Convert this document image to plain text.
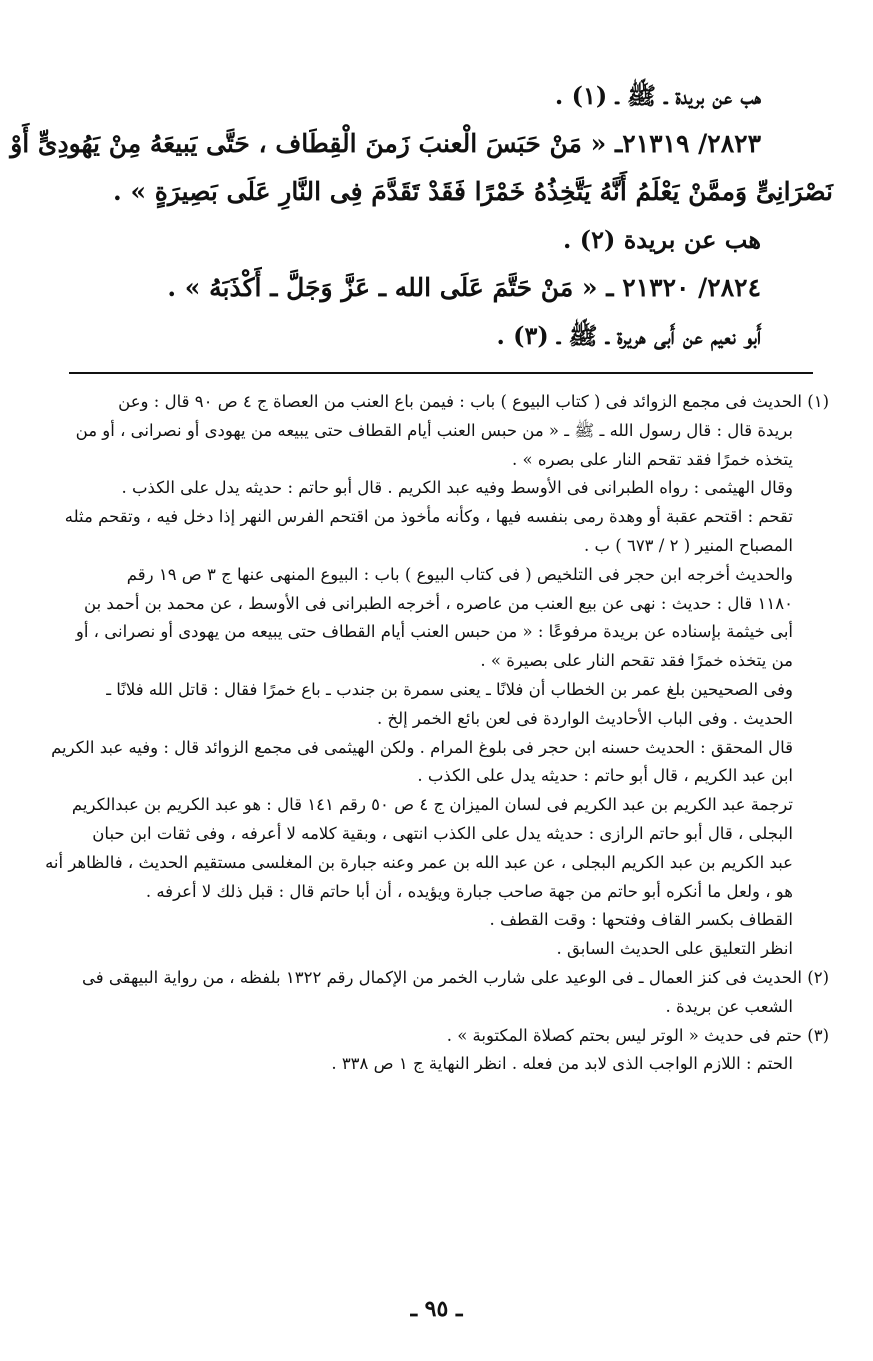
هب عن بريدة ـ ﷺ ـ (١) .
٢٨٢٣/ ٢١٣١٩ـ « مَنْ حَبَسَ الْعنبَ زَمنَ الْقِطَاف ، حَتَّى يَبيعَهُ مِنْ يَهُودِىٍّ أَوْ
نَصْرَانِىٍّ وَممَّنْ يَعْلَمُ أَنَّهُ يَتَّخِذُهُ خَمْرًا فَقَدْ تَقَدَّمَ فِى النَّارِ عَلَى بَصِيرَةٍ » .
هب عن بريدة (٢) .
٢٨٢٤/ ٢١٣٢٠ ـ « مَنْ حَتَّمَ عَلَى الله ـ عَزَّ وَجَلَّ ـ أَكْذَبَهُ » .
أَبو نعيم عن أَبى هريرة ـ ﷺ ـ (٣) .
(١) الحديث فى مجمع الزوائد فى ( كتاب البيوع ) باب : فيمن باع العنب من العصاة ج ٤ ص ٩٠ قال : وعن
بريدة قال : قال رسول الله ـ ﷺ ـ « من حبس العنب أيام القطاف حتى يبيعه من يهودى أو نصرانى ، أو من
يتخذه خمرًا فقد تقحم النار على بصره » .
وقال الهيثمى : رواه الطبرانى فى الأوسط وفيه عبد الكريم . قال أبو حاتم : حديثه يدل على الكذب .
تقحم : اقتحم عقبة أو وهدة رمى بنفسه فيها ، وكأنه مأخوذ من اقتحم الفرس النهر إذا دخل فيه ، وتقحم مثله
المصباح المنير ( ٢ / ٦٧٣ ) ب .
والحديث أخرجه ابن حجر فى التلخيص ( فى كتاب البيوع ) باب : البيوع المنهى عنها ج ٣ ص ١٩ رقم
١١٨٠ قال : حديث : نهى عن بيع العنب من عاصره ، أخرجه الطبرانى فى الأوسط ، عن محمد بن أحمد بن
أبى خيثمة بإسناده عن بريدة مرفوعًا : « من حبس العنب أيام القطاف حتى يبيعه من يهودى أو نصرانى ، أو
من يتخذه خمرًا فقد تقحم النار على بصيرة » .
وفى الصحيحين بلغ عمر بن الخطاب أن فلانًا ـ يعنى سمرة بن جندب ـ باع خمرًا فقال : قاتل الله فلانًا ـ
الحديث . وفى الباب الأحاديث الواردة فى لعن بائع الخمر إلخ .
قال المحقق : الحديث حسنه ابن حجر فى بلوغ المرام . ولكن الهيثمى فى مجمع الزوائد قال : وفيه عبد الكريم
ابن عبد الكريم ، قال أبو حاتم : حديثه يدل على الكذب .
ترجمة عبد الكريم بن عبد الكريم فى لسان الميزان ج ٤ ص ٥٠ رقم ١٤١ قال : هو عبد الكريم بن عبدالكريم
البجلى ، قال أبو حاتم الرازى : حديثه يدل على الكذب انتهى ، وبقية كلامه لا أعرفه ، وفى ثقات ابن حبان
عبد الكريم بن عبد الكريم البجلى ، عن عبد الله بن عمر وعنه جبارة بن المغلسى مستقيم الحديث ، فالظاهر أنه
هو ، ولعل ما أنكره أبو حاتم من جهة صاحب جبارة ويؤيده ، أن أبا حاتم قال : قبل ذلك لا أعرفه .
القطاف بكسر القاف وفتحها : وقت القطف .
انظر التعليق على الحديث السابق .
(٢) الحديث فى كنز العمال ـ فى الوعيد على شارب الخمر من الإكمال رقم ١٣٢٢ بلفظه ، من رواية البيهقى فى
الشعب عن بريدة .
(٣) حتم فى حديث « الوتر ليس بحتم كصلاة المكتوبة » .
الحتم : اللازم الواجب الذى لابد من فعله . انظر النهاية ج ١ ص ٣٣٨ .
ـ ٩٥ ـ
